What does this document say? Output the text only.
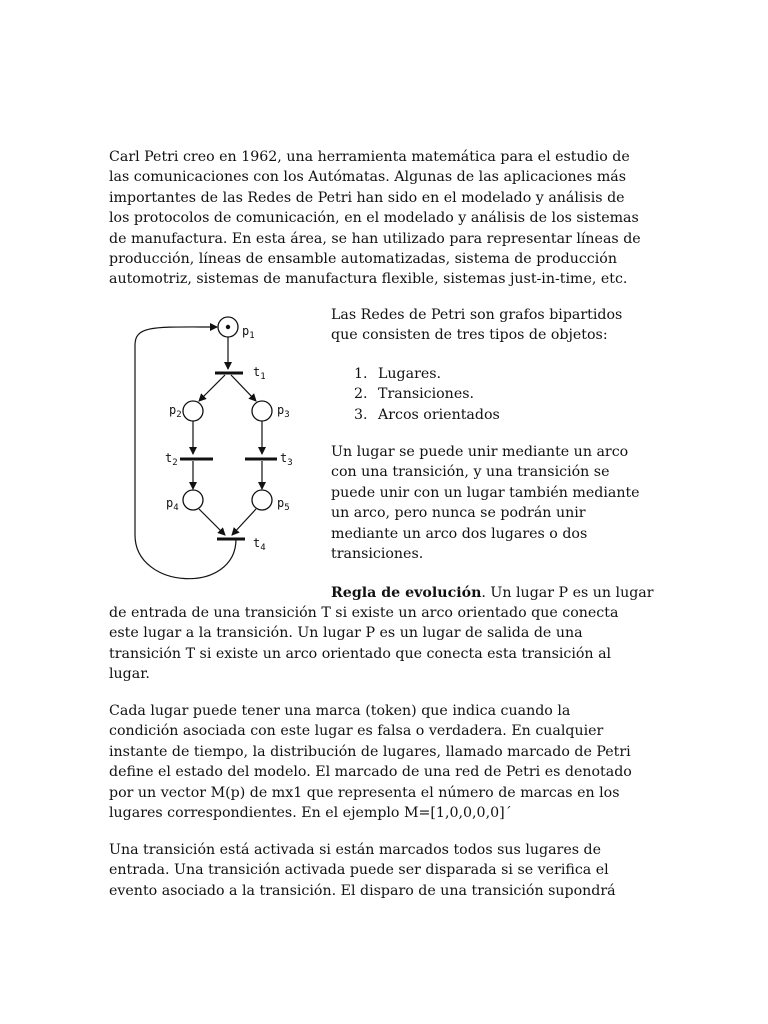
Carl Petri creo en 1962, una herramienta matemática para el estudio de
las comunicaciones con los Autómatas. Algunas de las aplicaciones más
importantes de las Redes de Petri han sido en el modelado y análisis de
los protocolos de comunicación, en el modelado y análisis de los sistemas
de manufactura. En esta área, se han utilizado para representar líneas de
producción, líneas de ensamble automatizadas, sistema de producción
automotriz, sistemas de manufactura flexible, sistemas just-in-time, etc.
$p_1$
$t_1$
$p_2$	$p_3$
$t_2$	$t_3$
$p_4$	$p_5$
$t_4$
Las Redes de Petri son grafos bipartidos
que consisten de tres tipos de objetos:
1. Lugares.
2. Transiciones.
3. Arcos orientados
Un lugar se puede unir mediante un arco
con una transición, y una transición se
puede unir con un lugar también mediante
un arco, pero nunca se podrán unir
mediante un arco dos lugares o dos
transiciones.
Regla de evolución. Un lugar P es un lugar
de entrada de una transición T si existe un arco orientado que conecta
este lugar a la transición. Un lugar P es un lugar de salida de una
transición T si existe un arco orientado que conecta esta transición al
lugar.
Cada lugar puede tener una marca (token) que indica cuando la
condición asociada con este lugar es falsa o verdadera. En cualquier
instante de tiempo, la distribución de lugares, llamado marcado de Petri
define el estado del modelo. El marcado de una red de Petri es denotado
por un vector M(p) de mx1 que representa el número de marcas en los
lugares correspondientes. En el ejemplo M=[1,0,0,0,0]´
Una transición está activada si están marcados todos sus lugares de
entrada. Una transición activada puede ser disparada si se verifica el
evento asociado a la transición. El disparo de una transición supondrá
